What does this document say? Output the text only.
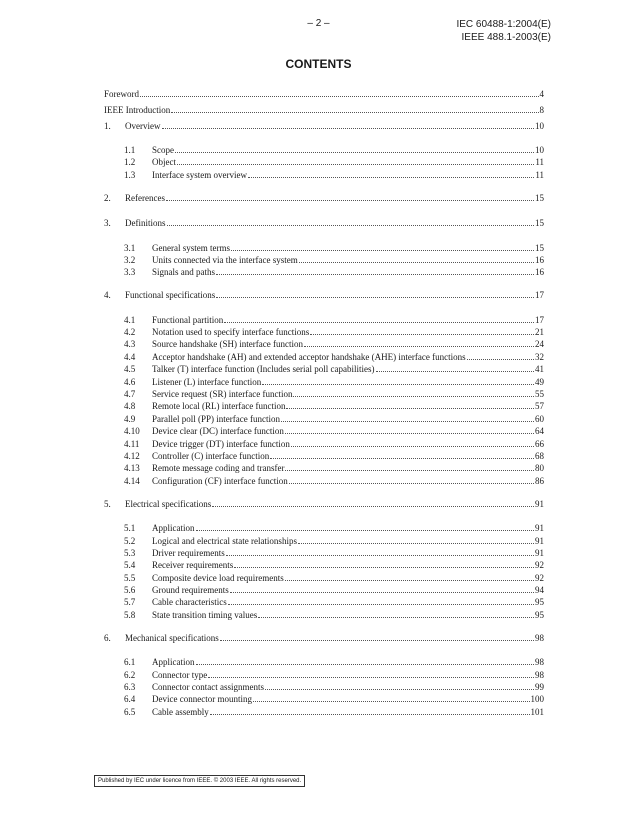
– 2 –	IEC 60488-1:2004(E)
IEEE 488.1-2003(E)
CONTENTS
Foreword	4
IEEE Introduction	8
1.	Overview	10
1.1	Scope	10
1.2	Object	11
1.3	Interface system overview	11
2.	References	15
3.	Definitions	15
3.1	General system terms	15
3.2	Units connected via the interface system	16
3.3	Signals and paths	16
4.	Functional specifications	17
4.1	Functional partition	17
4.2	Notation used to specify interface functions	21
4.3	Source handshake (SH) interface function	24
4.4	Acceptor handshake (AH) and extended acceptor handshake (AHE) interface functions	32
4.5	Talker (T) interface function (Includes serial poll capabilities)	41
4.6	Listener (L) interface function	49
4.7	Service request (SR) interface function	55
4.8	Remote local (RL) interface function	57
4.9	Parallel poll (PP) interface function	60
4.10	Device clear (DC) interface function	64
4.11	Device trigger (DT) interface function	66
4.12	Controller (C) interface function	68
4.13	Remote message coding and transfer	80
4.14	Configuration (CF) interface function	86
5.	Electrical specifications	91
5.1	Application	91
5.2	Logical and electrical state relationships	91
5.3	Driver requirements	91
5.4	Receiver requirements	92
5.5	Composite device load requirements	92
5.6	Ground requirements	94
5.7	Cable characteristics	95
5.8	State transition timing values	95
6.	Mechanical specifications	98
6.1	Application	98
6.2	Connector type	98
6.3	Connector contact assignments	99
6.4	Device connector mounting	100
6.5	Cable assembly	101
Published by IEC under licence from IEEE. © 2003 IEEE. All rights reserved.
